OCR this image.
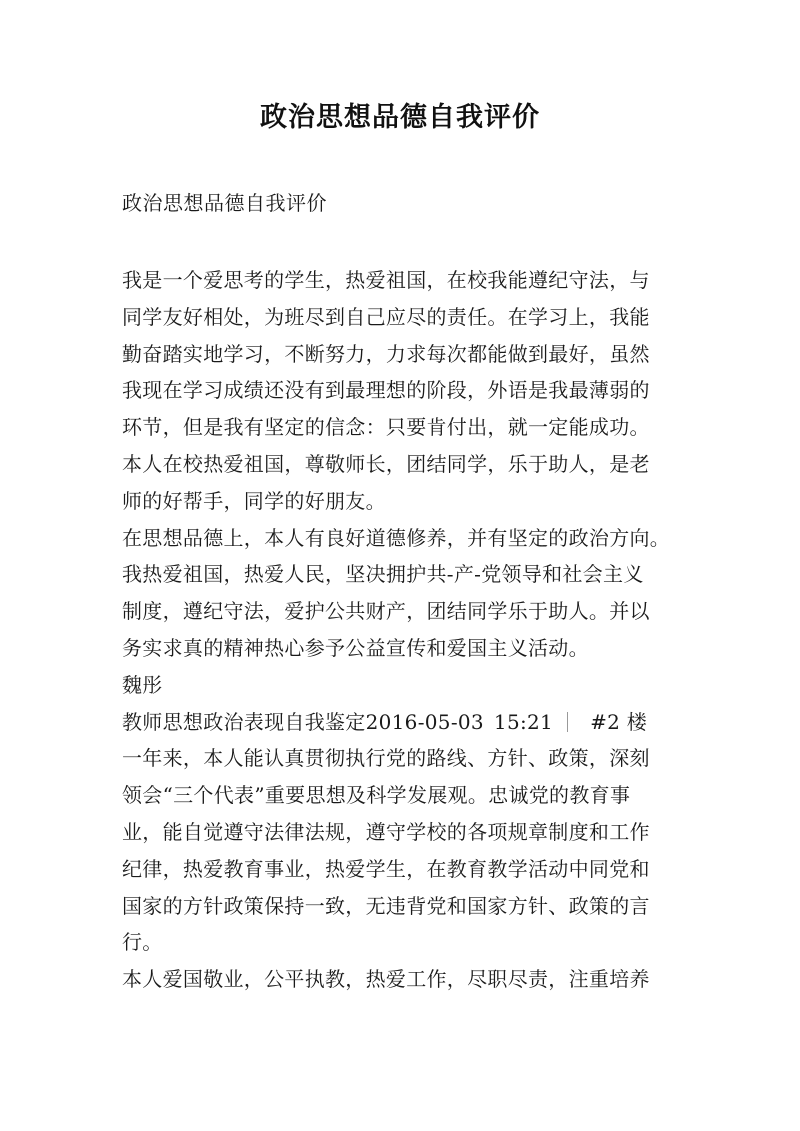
政治思想品德自我评价
政治思想品德自我评价
我是一个爱思考的学生，热爱祖国，在校我能遵纪守法，与
同学友好相处，为班尽到自己应尽的责任。在学习上，我能
勤奋踏实地学习，不断努力，力求每次都能做到最好，虽然
我现在学习成绩还没有到最理想的阶段，外语是我最薄弱的
环节，但是我有坚定的信念：只要肯付出，就一定能成功。
本人在校热爱祖国，尊敬师长，团结同学，乐于助人，是老
师的好帮手，同学的好朋友。
在思想品德上，本人有良好道德修养，并有坚定的政治方向。
我热爱祖国，热爱人民，坚决拥护共-产-党领导和社会主义
制度，遵纪守法，爱护公共财产，团结同学乐于助人。并以
务实求真的精神热心参予公益宣传和爱国主义活动。
魏彤
教师思想政治表现自我鉴定2016-05-03 15:21 #2 楼
一年来，本人能认真贯彻执行党的路线、方针、政策，深刻
领会“三个代表”重要思想及科学发展观。忠诚党的教育事
业，能自觉遵守法律法规，遵守学校的各项规章制度和工作
纪律，热爱教育事业，热爱学生，在教育教学活动中同党和
国家的方针政策保持一致，无违背党和国家方针、政策的言
行。
本人爱国敬业，公平执教，热爱工作，尽职尽责，注重培养
